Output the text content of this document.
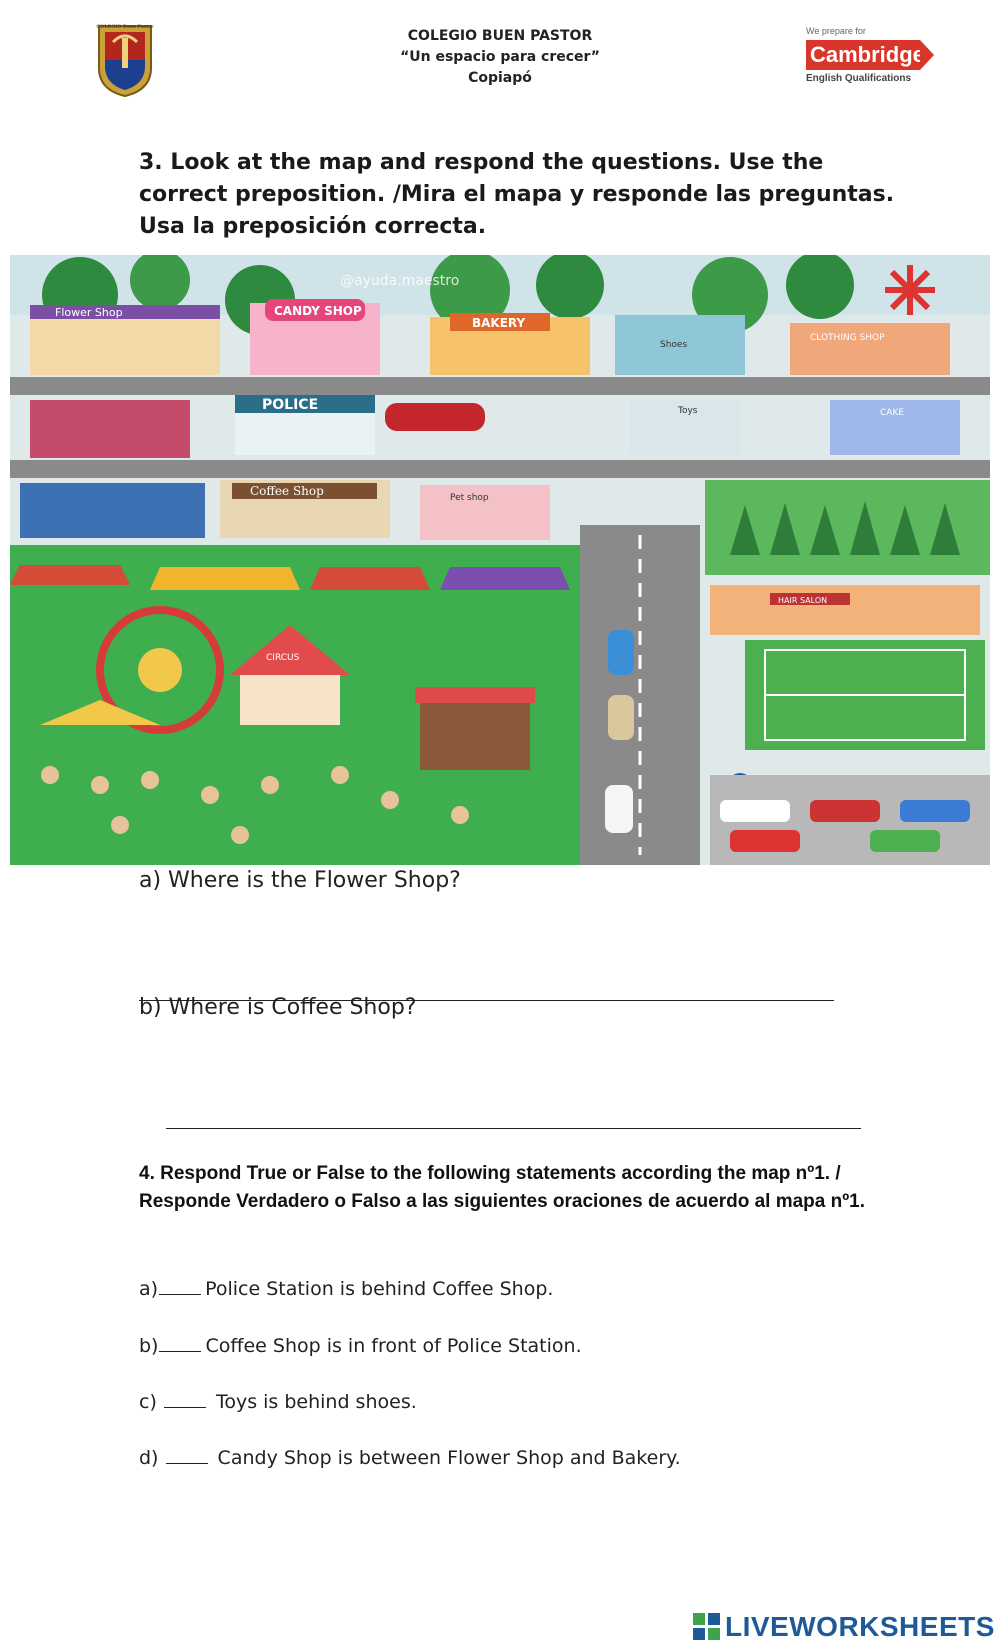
COLEGIO Buen Pastor
COLEGIO BUEN PASTOR
“Un espacio para crecer”
Copiapó
We prepare for
Cambridge
English Qualifications
3. Look at the map and respond the questions. Use the correct preposition. /Mira el mapa y responde las preguntas. Usa la preposición correcta.
@ayuda.maestro
Flower Shop	CANDY SHOP
BAKERY
Shoes
CLOTHING SHOP
POLICE	Toys	CAKE
Coffee Shop	Pet shop
HAIR SALON
CIRCUS
a) Where is the Flower Shop?
b) Where is Coffee Shop?
4. Respond True or False to the following statements according the map nº1. / Responde Verdadero o Falso a las siguientes oraciones de acuerdo al mapa nº1.
a) Police Station is behind Coffee Shop.
b) Coffee Shop is in front of Police Station.
c)  Toys is behind shoes.
d)  Candy Shop is between Flower Shop and Bakery.
LIVEWORKSHEETS
